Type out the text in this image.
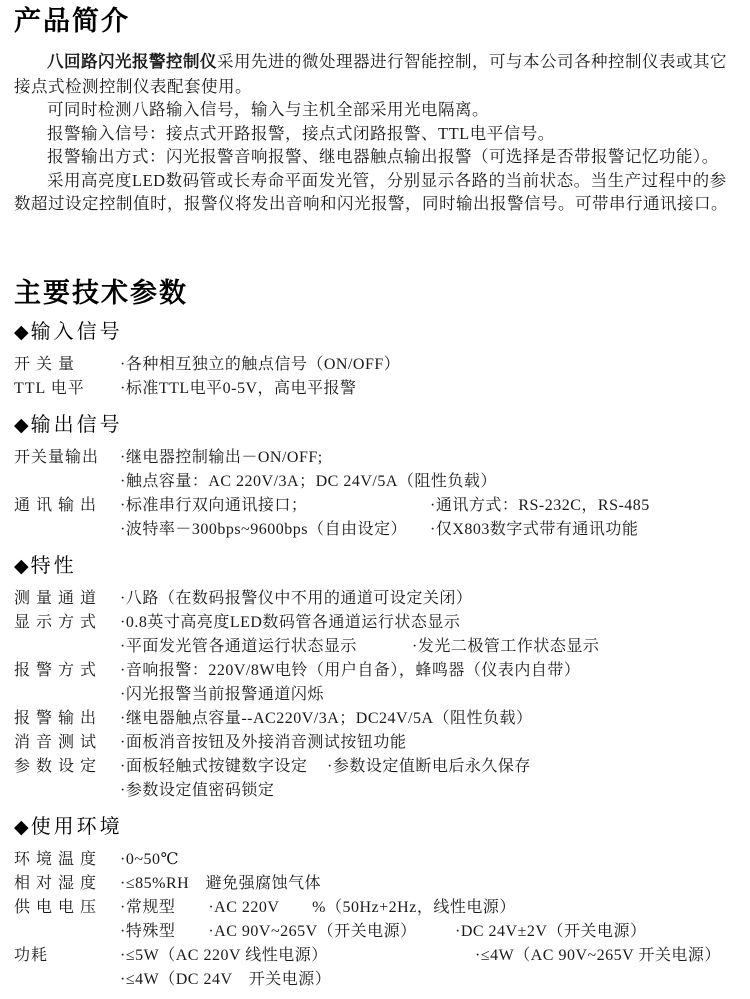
产品简介

八回路闪光报警控制仪采用先进的微处理器进行智能控制，可与本公司各种控制仪表或其它接点式检测控制仪表配套使用。

可同时检测八路输入信号，输入与主机全部采用光电隔离。

报警输入信号：接点式开路报警，接点式闭路报警、TTL电平信号。

报警输出方式：闪光报警音响报警、继电器触点输出报警（可选择是否带报警记忆功能）。

采用高亮度LED数码管或长寿命平面发光管，分别显示各路的当前状态。当生产过程中的参数超过设定控制值时，报警仪将发出音响和闪光报警，同时输出报警信号。可带串行通讯接口。

主要技术参数
◆ 输入信号
开 关 量	·各种相互独立的触点信号（ON/OFF）
TTL 电平	·标准TTL电平0-5V，高电平报警
◆ 输出信号
开关量输出	·继电器控制输出－ON/OFF;
·触点容量：AC 220V/3A；DC 24V/5A（阻性负载）
通 讯 输 出	·标准串行双向通讯接口；	·通讯方式：RS-232C，RS-485
·波特率－300bps~9600bps（自由设定）	·仅X803数字式带有通讯功能
◆ 特性
测 量 通 道	·八路（在数码报警仪中不用的通道可设定关闭）
显 示 方 式	·0.8英寸高亮度LED数码管各通道运行状态显示
·平面发光管各通道运行状态显示	·发光二极管工作状态显示
报 警 方 式	·音响报警：220V/8W电铃（用户自备），蜂鸣器（仪表内自带）
·闪光报警当前报警通道闪烁
报 警 输 出	·继电器触点容量--AC220V/3A；DC24V/5A（阻性负载）
消 音 测 试	·面板消音按钮及外接消音测试按钮功能
参 数 设 定	·面板轻触式按键数字设定	·参数设定值断电后永久保存
·参数设定值密码锁定
◆ 使用环境
环 境 温 度	·0~50℃
相 对 湿 度	·≤85%RH　避免强腐蚀气体
供 电 电 压	·常规型　　·AC 220V　　%（50Hz+2Hz，线性电源）
·特殊型　　·AC 90V~265V（开关电源）	·DC 24V±2V（开关电源）
功耗	·≤5W（AC 220V 线性电源）	·≤4W（AC 90V~265V 开关电源）
·≤4W（DC 24V　开关电源）
